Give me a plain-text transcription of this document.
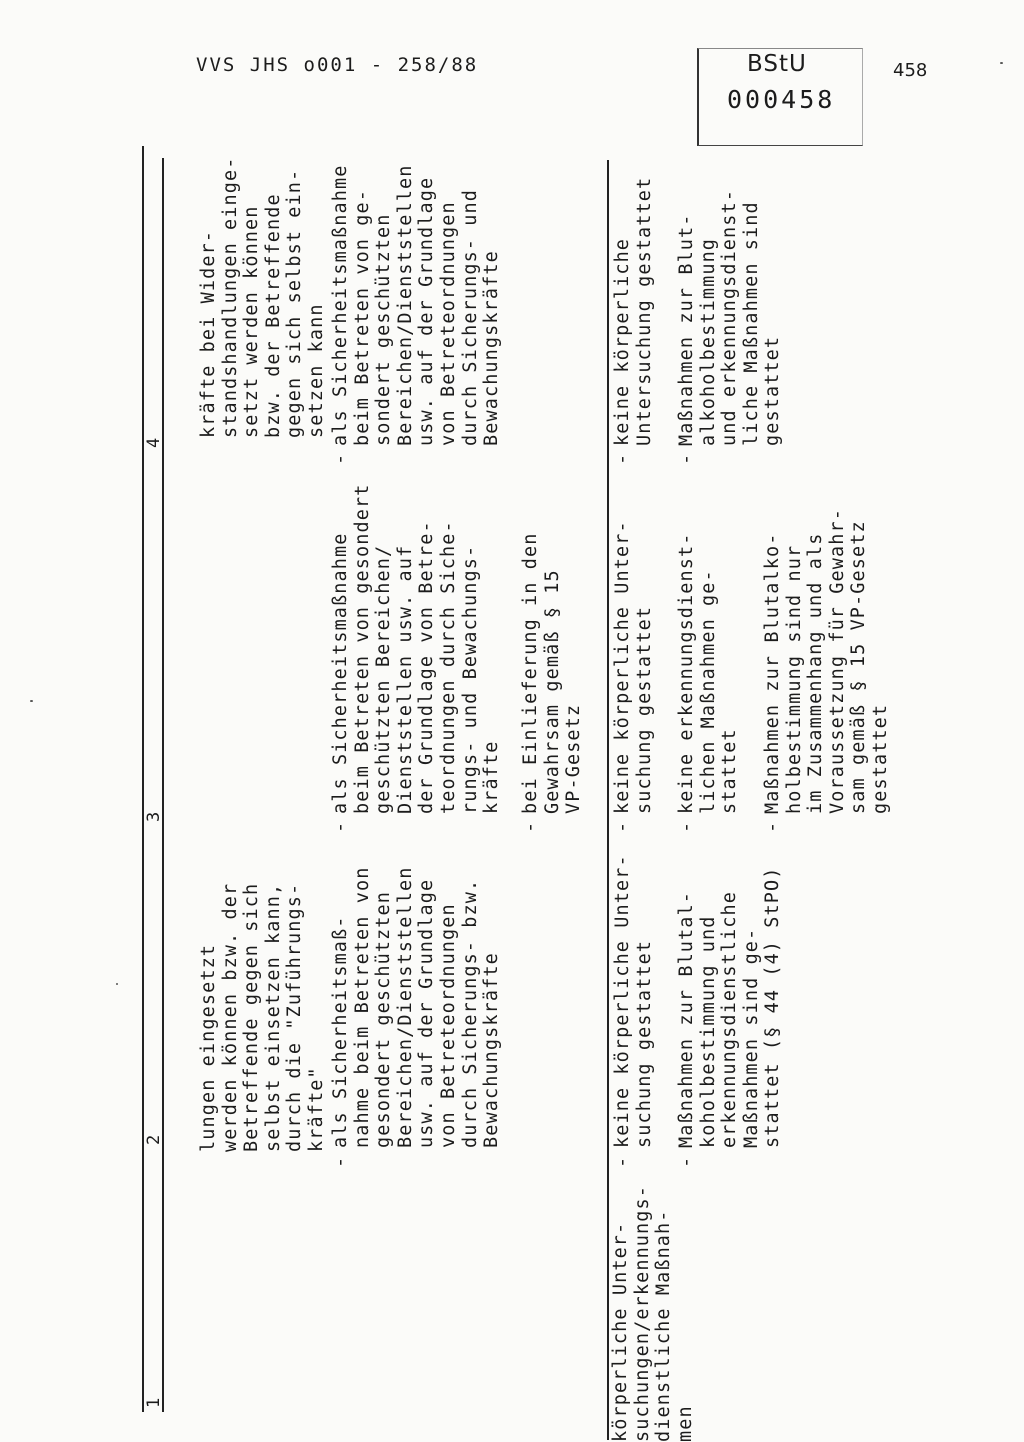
VVS JHS o001 - 258/88	BStU
000458
458
1
2
3
4
körperliche Unter-
suchungen/erkennungs-
dienstliche Maßnah-
men
lungen eingesetzt
werden können bzw. der
Betreffende gegen sich
selbst einsetzen kann,
durch die "Zuführungs-
kräfte"
kräfte bei Wider-
standshandlungen einge-
setzt werden können
bzw. der Betreffende
gegen sich selbst ein-
setzen kann
-
als Sicherheitsmaß-
nahme beim Betreten von
gesondert geschützten
Bereichen/Dienststellen
usw. auf der Grundlage
von Betreteordnungen
durch Sicherungs- bzw.
Bewachungskräfte
-
als Sicherheitsmaßnahme
beim Betreten von gesondert
geschützten Bereichen/
Dienststellen usw. auf
der Grundlage von Betre-
teordnungen durch Siche-
rungs- und Bewachungs-
kräfte
-
bei Einlieferung in den
Gewahrsam gemäß § 15
VP-Gesetz
-
als Sicherheitsmaßnahme
beim Betreten von ge-
sondert geschützten
Bereichen/Dienststellen
usw. auf der Grundlage
von Betreteordnungen
durch Sicherungs- und
Bewachungskräfte
-
keine körperliche Unter-
suchung gestattet
-
Maßnahmen zur Blutal-
koholbestimmung und
erkennungsdienstliche
Maßnahmen sind ge-
stattet (§ 44 (4) StPO)
-
keine körperliche Unter-
suchung gestattet
-
keine erkennungsdienst-
lichen Maßnahmen ge-
stattet
-
Maßnahmen zur Blutalko-
holbestimmung sind nur
im Zusammenhang und als
Voraussetzung für Gewahr-
sam gemäß § 15 VP-Gesetz
gestattet
-
keine körperliche
Untersuchung gestattet
-
Maßnahmen zur Blut-
alkoholbestimmung
und erkennungsdienst-
liche Maßnahmen sind
gestattet
